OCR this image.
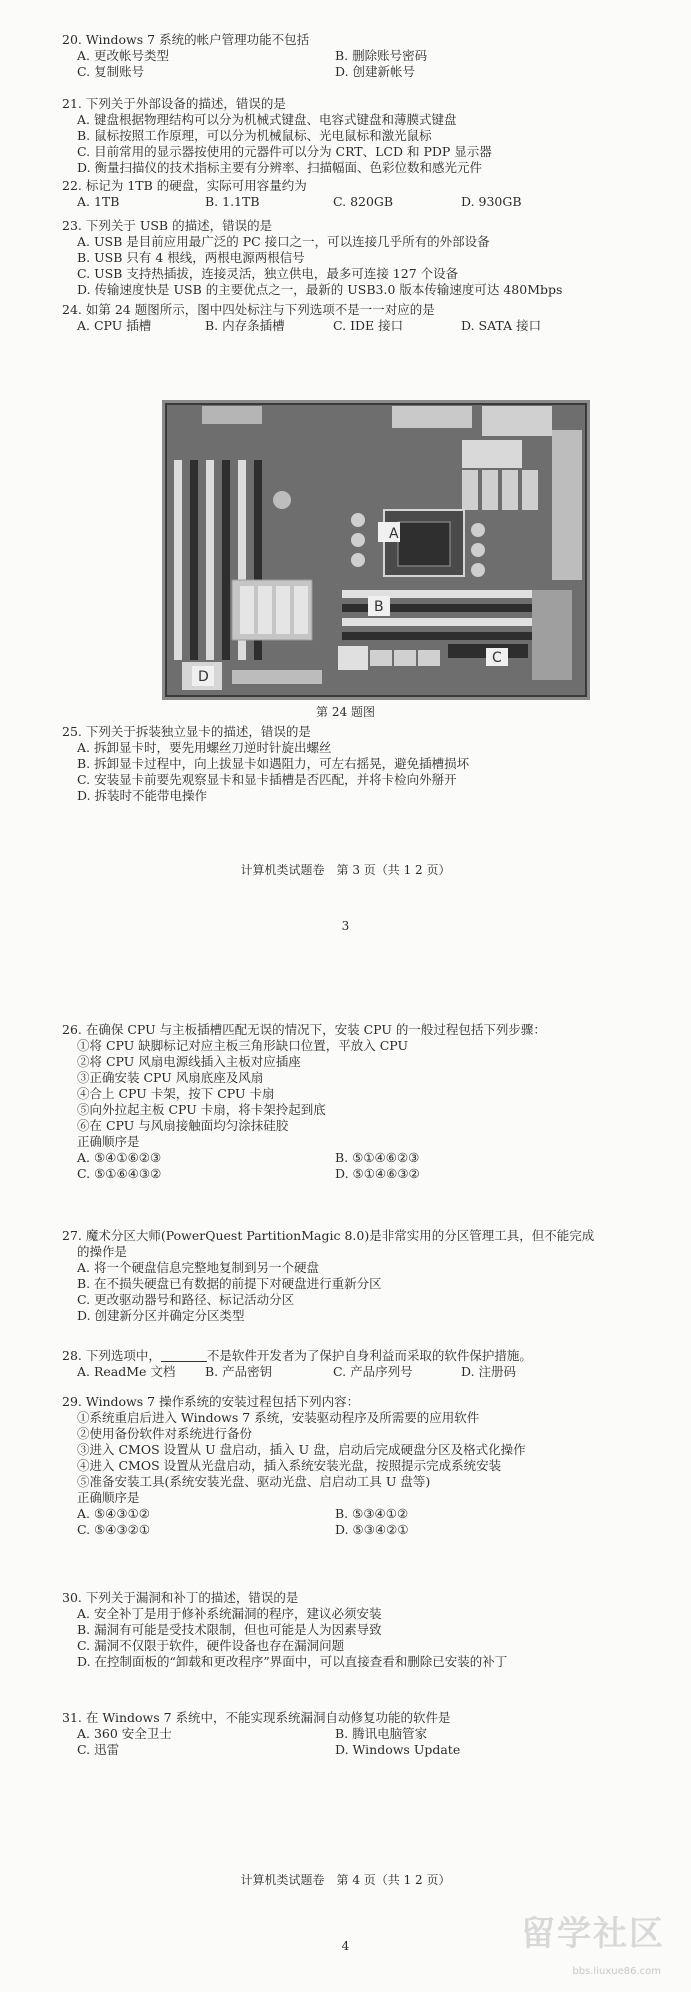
20. Windows 7 系统的帐户管理功能不包括
A. 更改帐号类型	B. 删除账号密码
C. 复制账号	D. 创建新帐号
21. 下列关于外部设备的描述，错误的是
A. 键盘根据物理结构可以分为机械式键盘、电容式键盘和薄膜式键盘
B. 鼠标按照工作原理，可以分为机械鼠标、光电鼠标和激光鼠标
C. 目前常用的显示器按使用的元器件可以分为 CRT、LCD 和 PDP 显示器
D. 衡量扫描仪的技术指标主要有分辨率、扫描幅面、色彩位数和感光元件
22. 标记为 1TB 的硬盘，实际可用容量约为
A. 1TB	B. 1.1TB	C. 820GB	D. 930GB
23. 下列关于 USB 的描述，错误的是
A. USB 是目前应用最广泛的 PC 接口之一，可以连接几乎所有的外部设备
B. USB 只有 4 根线，两根电源两根信号
C. USB 支持热插拔，连接灵活，独立供电，最多可连接 127 个设备
D. 传输速度快是 USB 的主要优点之一，最新的 USB3.0 版本传输速度可达 480Mbps
24. 如第 24 题图所示，图中四处标注与下列选项不是一一对应的是
A. CPU 插槽	B. 内存条插槽	C. IDE 接口	D. SATA 接口
A
B
C
D
第 24 题图
25. 下列关于拆装独立显卡的描述，错误的是
A. 拆卸显卡时，要先用螺丝刀逆时针旋出螺丝
B. 拆卸显卡过程中，向上拔显卡如遇阻力，可左右摇晃，避免插槽损坏
C. 安装显卡前要先观察显卡和显卡插槽是否匹配，并将卡检向外掰开
D. 拆装时不能带电操作
计算机类试题卷　第 3 页（共 1 2 页）
3
26. 在确保 CPU 与主板插槽匹配无误的情况下，安装 CPU 的一般过程包括下列步骤：
①将 CPU 缺脚标记对应主板三角形缺口位置，平放入 CPU
②将 CPU 风扇电源线插入主板对应插座
③正确安装 CPU 风扇底座及风扇
④合上 CPU 卡架，按下 CPU 卡扇
⑤向外拉起主板 CPU 卡扇，将卡架拎起到底
⑥在 CPU 与风扇接触面均匀涂抹硅胶
正确顺序是
A. ⑤④①⑥②③	B. ⑤①④⑥②③
C. ⑤①⑥④③②	D. ⑤①④⑥③②
27. 魔术分区大师(PowerQuest PartitionMagic 8.0)是非常实用的分区管理工具，但不能完成
的操作是
A. 将一个硬盘信息完整地复制到另一个硬盘
B. 在不损失硬盘已有数据的前提下对硬盘进行重新分区
C. 更改驱动器号和路径、标记活动分区
D. 创建新分区并确定分区类型
28. 下列选项中，	不是软件开发者为了保护自身利益而采取的软件保护措施。
A. ReadMe 文档	B. 产品密钥	C. 产品序列号	D. 注册码
29. Windows 7 操作系统的安装过程包括下列内容：
①系统重启后进入 Windows 7 系统，安装驱动程序及所需要的应用软件
②使用备份软件对系统进行备份
③进入 CMOS 设置从 U 盘启动，插入 U 盘，启动后完成硬盘分区及格式化操作
④进入 CMOS 设置从光盘启动，插入系统安装光盘，按照提示完成系统安装
⑤准备安装工具(系统安装光盘、驱动光盘、启启动工具 U 盘等)
正确顺序是
A. ⑤④③①②	B. ⑤③④①②
C. ⑤④③②①	D. ⑤③④②①
30. 下列关于漏洞和补丁的描述，错误的是
A. 安全补丁是用于修补系统漏洞的程序，建议必须安装
B. 漏洞有可能是受技术限制，但也可能是人为因素导致
C. 漏洞不仅限于软件，硬件设备也存在漏洞问题
D. 在控制面板的“卸载和更改程序”界面中，可以直接查看和删除已安装的补丁
31. 在 Windows 7 系统中，不能实现系统漏洞自动修复功能的软件是
A. 360 安全卫士	B. 腾讯电脑管家
C. 迅雷	D. Windows Update
计算机类试题卷　第 4 页（共 1 2 页）
4	留学社区
bbs.liuxue86.com
